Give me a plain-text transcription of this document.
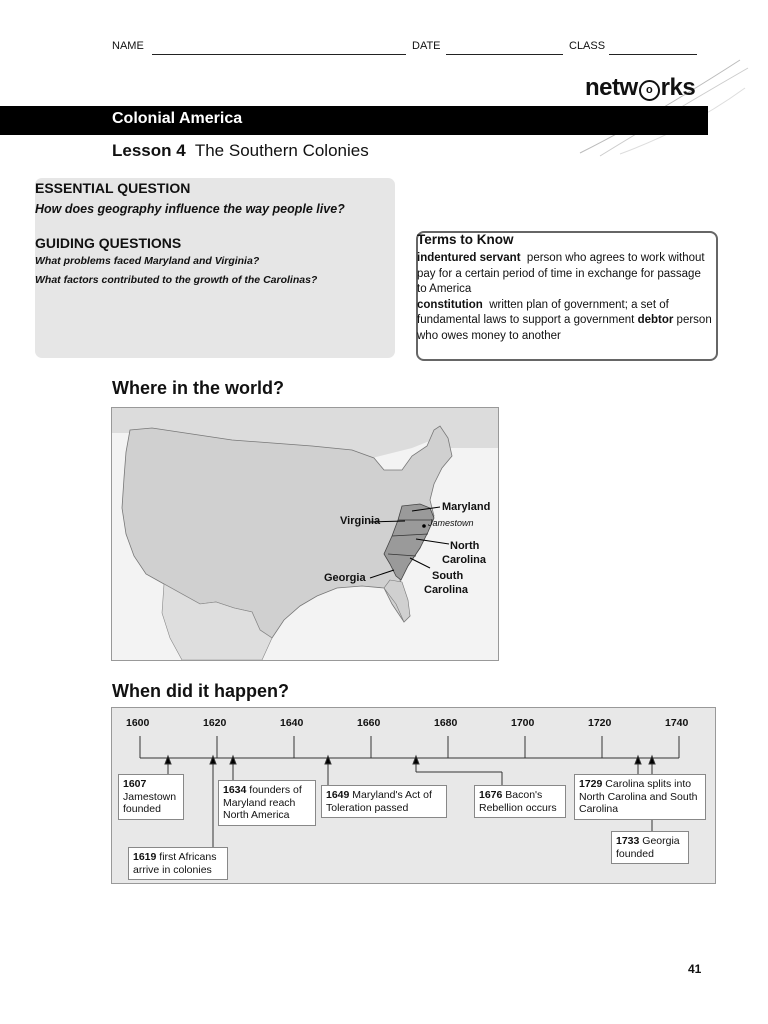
NAME	DATE	CLASS
netw o rks
Colonial America
Lesson 4 The Southern Colonies
ESSENTIAL QUESTION
How does geography influence the way people live?
GUIDING QUESTIONS
What problems faced Maryland and Virginia?
What factors contributed to the growth of the Carolinas?
Terms to Know

indentured servant person who agrees to work without pay for a certain period of time in exchange for passage to America

constitution written plan of government; a set of fundamental laws to support a government debtor person who owes money to another

Where in the world?
Maryland
Jamestown
Virginia
North
Carolina
South
Carolina
Georgia
When did it happen?
1600	1620	1640	1660	1680	1700	1720	1740
1607
Jamestown founded
1619 first Africans arrive in colonies
1634 founders of Maryland reach North America
1649 Maryland's Act of Toleration passed
1676 Bacon's Rebellion occurs
1729 Carolina splits into North Carolina and South Carolina
1733 Georgia founded
41
